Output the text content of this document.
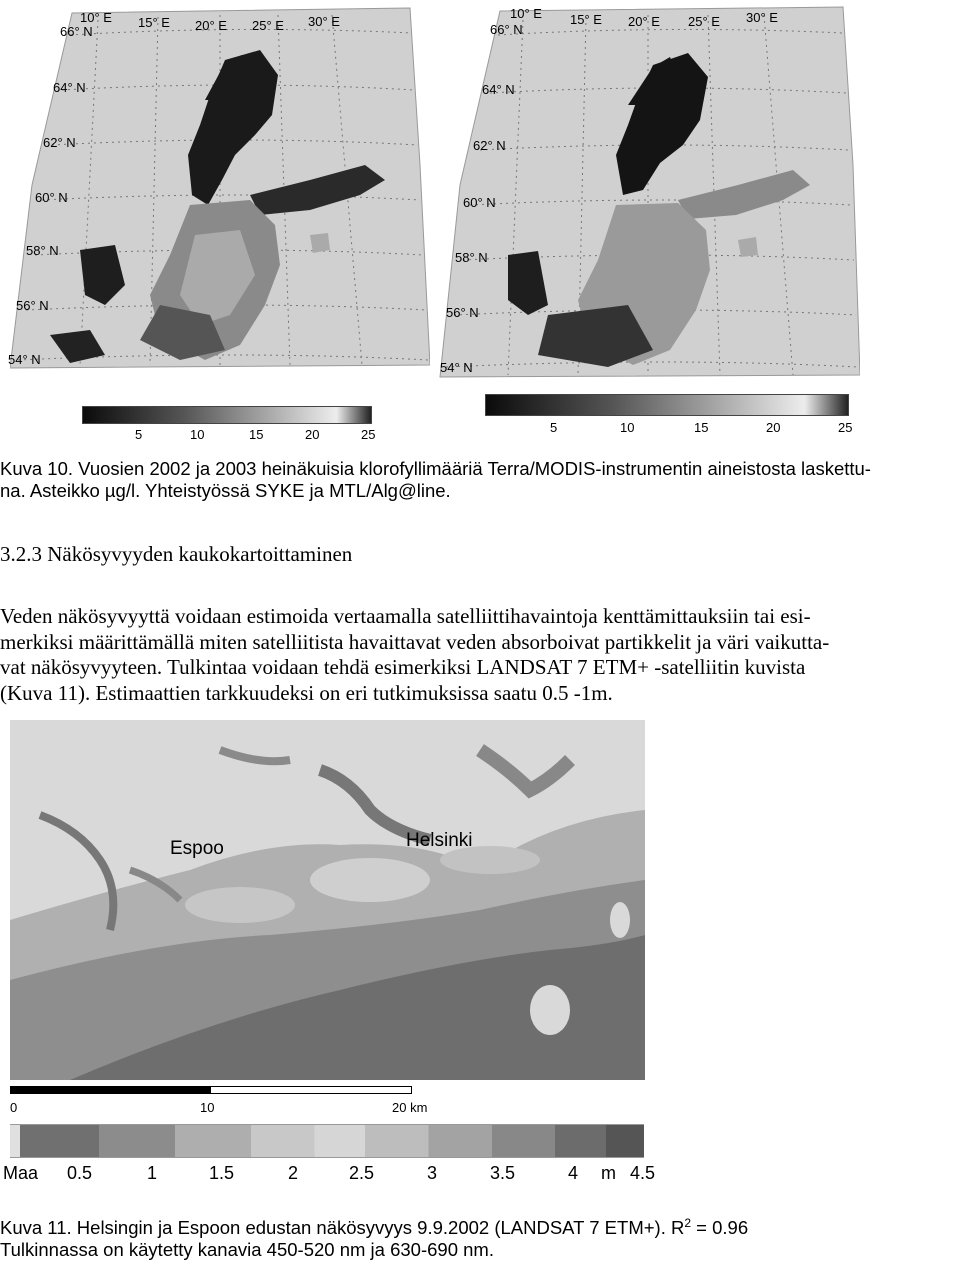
10° E 15° E 20° E 25° E 30° E
66° N
64° N
62° N
60° N
58° N
56° N
54° N
5	10	15	20	25
10° E 15° E 20° E 25° E 30° E
66° N
64° N
62° N
60° N
58° N
56° N
54° N
5	10	15	20	25
Kuva 10. Vuosien 2002 ja 2003 heinäkuisia klorofyllimääriä Terra/MODIS-instrumentin aineistosta laskettu-
na. Asteikko µg/l. Yhteistyössä SYKE ja MTL/Alg@line.
3.2.3 Näkösyvyyden kaukokartoittaminen
Veden näkösyvyyttä voidaan estimoida vertaamalla satelliittihavaintoja kenttämittauksiin tai esi-
merkiksi määrittämällä miten satelliitista havaittavat veden absorboivat partikkelit ja väri vaikutta-
vat näkösyvyyteen. Tulkintaa voidaan tehdä esimerkiksi LANDSAT 7 ETM+ -satelliitin kuvista
(Kuva 11). Estimaattien tarkkuudeksi on eri tutkimuksissa saatu 0.5 -1m.
Espoo	Helsinki
0	10	20 km
Maa 0.5	1	1.5	2	2.5	3	3.5	4 m 4.5
Kuva 11. Helsingin ja Espoon edustan näkösyvyys 9.9.2002 (LANDSAT 7 ETM+). $R^2 = 0.96$
Tulkinnassa on käytetty kanavia 450-520 nm ja 630-690 nm.
